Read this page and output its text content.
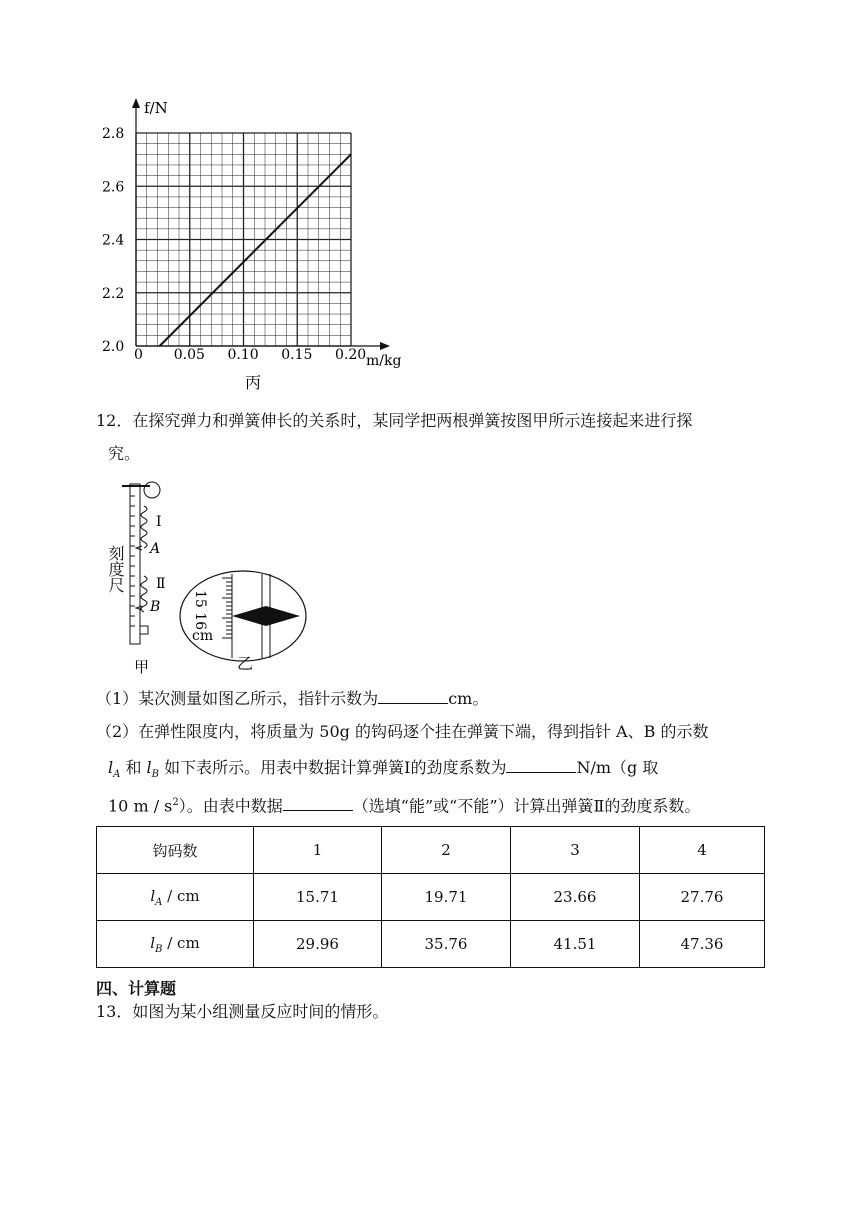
2.0
2.2
2.4
2.6
2.8
0.05 0.10 0.15 0.20
f/N
m/kg
0
丙
12．在探究弹力和弹簧伸长的关系时，某同学把两根弹簧按图甲所示连接起来进行探
究。
Ⅰ
A
Ⅱ
B
甲
刻度尺
15 16
cm
乙
（1）某次测量如图乙所示，指针示数为	cm。
（2）在弹性限度内，将质量为 50g 的钩码逐个挂在弹簧下端，得到指针 A、B 的示数
$l_A$ 和 $l_B$ 如下表所示。用表中数据计算弹簧Ⅰ的劲度系数为	N/m（g 取
10 m / $s^2$）。由表中数据	（选填“能”或“不能”）计算出弹簧Ⅱ的劲度系数。
钩码数	1	2	3	4
$l_A$ / cm	15.71	19.71	23.66	27.76
$l_B$ / cm	29.96	35.76	41.51	47.36
四、计算题
13．如图为某小组测量反应时间的情形。
